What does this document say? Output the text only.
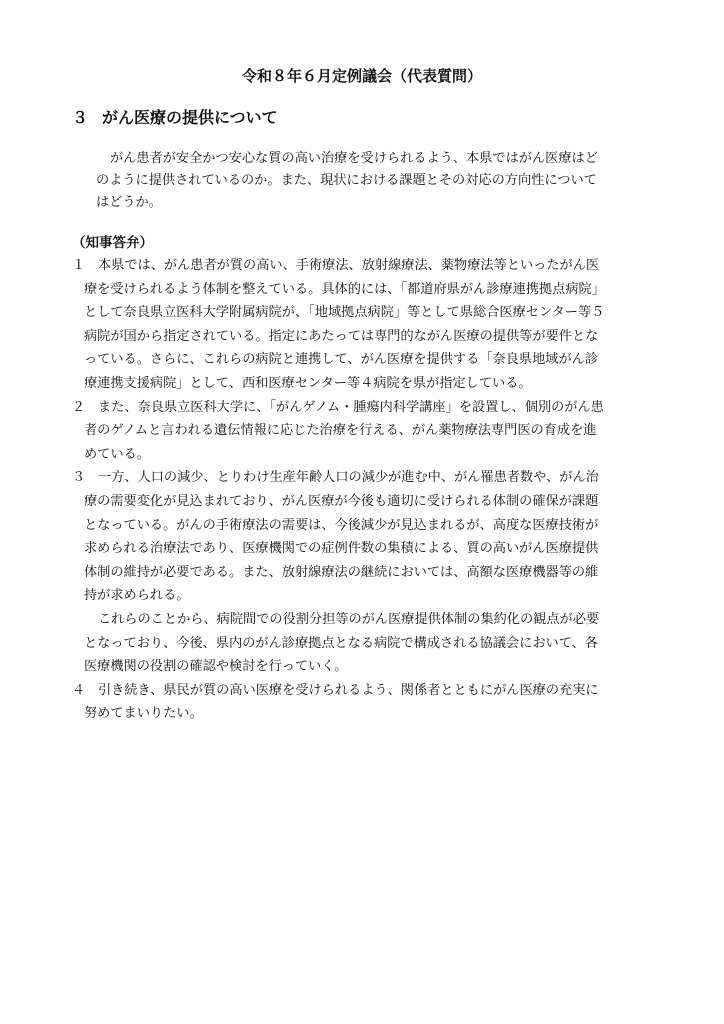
令和８年６月定例議会（代表質問）
３ がん医療の提供について
がん患者が安全かつ安心な質の高い治療を受けられるよう、本県ではがん医療はど
のように提供されているのか。また、現状における課題とその対応の方向性について
はどうか。
（知事答弁）
１ 本県では、がん患者が質の高い、手術療法、放射線療法、薬物療法等といったがん医
療を受けられるよう体制を整えている。具体的には、「都道府県がん診療連携拠点病院」
として奈良県立医科大学附属病院が、「地域拠点病院」等として県総合医療センター等５
病院が国から指定されている。指定にあたっては専門的ながん医療の提供等が要件とな
っている。さらに、これらの病院と連携して、がん医療を提供する「奈良県地域がん診
療連携支援病院」として、西和医療センター等４病院を県が指定している。
２ また、奈良県立医科大学に、「がんゲノム・腫瘍内科学講座」を設置し、個別のがん患
者のゲノムと言われる遺伝情報に応じた治療を行える、がん薬物療法専門医の育成を進
めている。
３ 一方、人口の減少、とりわけ生産年齢人口の減少が進む中、がん罹患者数や、がん治
療の需要変化が見込まれており、がん医療が今後も適切に受けられる体制の確保が課題
となっている。がんの手術療法の需要は、今後減少が見込まれるが、高度な医療技術が
求められる治療法であり、医療機関での症例件数の集積による、質の高いがん医療提供
体制の維持が必要である。また、放射線療法の継続においては、高額な医療機器等の維
持が求められる。
これらのことから、病院間での役割分担等のがん医療提供体制の集約化の観点が必要
となっており、今後、県内のがん診療拠点となる病院で構成される協議会において、各
医療機関の役割の確認や検討を行っていく。
４ 引き続き、県民が質の高い医療を受けられるよう、関係者とともにがん医療の充実に
努めてまいりたい。
